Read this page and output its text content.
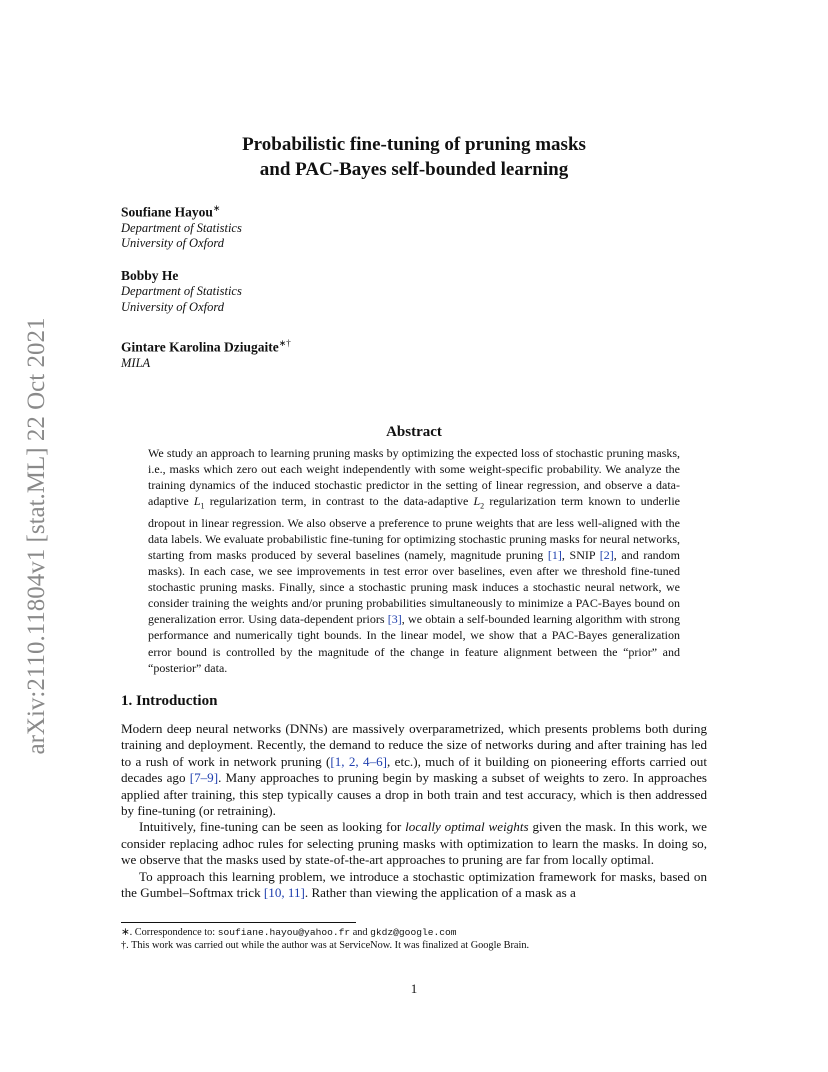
arXiv:2110.11804v1 [stat.ML] 22 Oct 2021
Probabilistic fine-tuning of pruning masks
and PAC-Bayes self-bounded learning
Soufiane Hayou∗
Department of Statistics
University of Oxford
Bobby He
Department of Statistics
University of Oxford
Gintare Karolina Dziugaite∗†
MILA
Abstract
We study an approach to learning pruning masks by optimizing the expected loss of stochastic pruning masks, i.e., masks which zero out each weight independently with some weight-specific probability. We analyze the training dynamics of the induced stochastic predictor in the setting of linear regression, and observe a data-adaptive $L_1$ regularization term, in contrast to the data-adaptive $L_2$ regularization term known to underlie dropout in linear regression. We also observe a preference to prune weights that are less well-aligned with the data labels. We evaluate probabilistic fine-tuning for optimizing stochastic pruning masks for neural networks, starting from masks produced by several baselines (namely, magnitude pruning [1], SNIP [2], and random masks). In each case, we see improvements in test error over baselines, even after we threshold fine-tuned stochastic pruning masks. Finally, since a stochastic pruning mask induces a stochastic neural network, we consider training the weights and/or pruning probabilities simultaneously to minimize a PAC-Bayes bound on generalization error. Using data-dependent priors [3], we obtain a self-bounded learning algorithm with strong performance and numerically tight bounds. In the linear model, we show that a PAC-Bayes generalization error bound is controlled by the magnitude of the change in feature alignment between the “prior” and “posterior” data.
1. Introduction

Modern deep neural networks (DNNs) are massively overparametrized, which presents problems both during training and deployment. Recently, the demand to reduce the size of networks during and after training has led to a rush of work in network pruning ([1, 2, 4–6], etc.), much of it building on pioneering efforts carried out decades ago [7–9]. Many approaches to pruning begin by masking a subset of weights to zero. In approaches applied after training, this step typically causes a drop in both train and test accuracy, which is then addressed by fine-tuning (or retraining).

Intuitively, fine-tuning can be seen as looking for locally optimal weights given the mask. In this work, we consider replacing adhoc rules for selecting pruning masks with optimization to learn the masks. In doing so, we observe that the masks used by state-of-the-art approaches to pruning are far from locally optimal.

To approach this learning problem, we introduce a stochastic optimization framework for masks, based on the Gumbel–Softmax trick [10, 11]. Rather than viewing the application of a mask as a

∗. Correspondence to: soufiane.hayou@yahoo.fr and gkdz@google.com
†. This work was carried out while the author was at ServiceNow. It was finalized at Google Brain.
1
